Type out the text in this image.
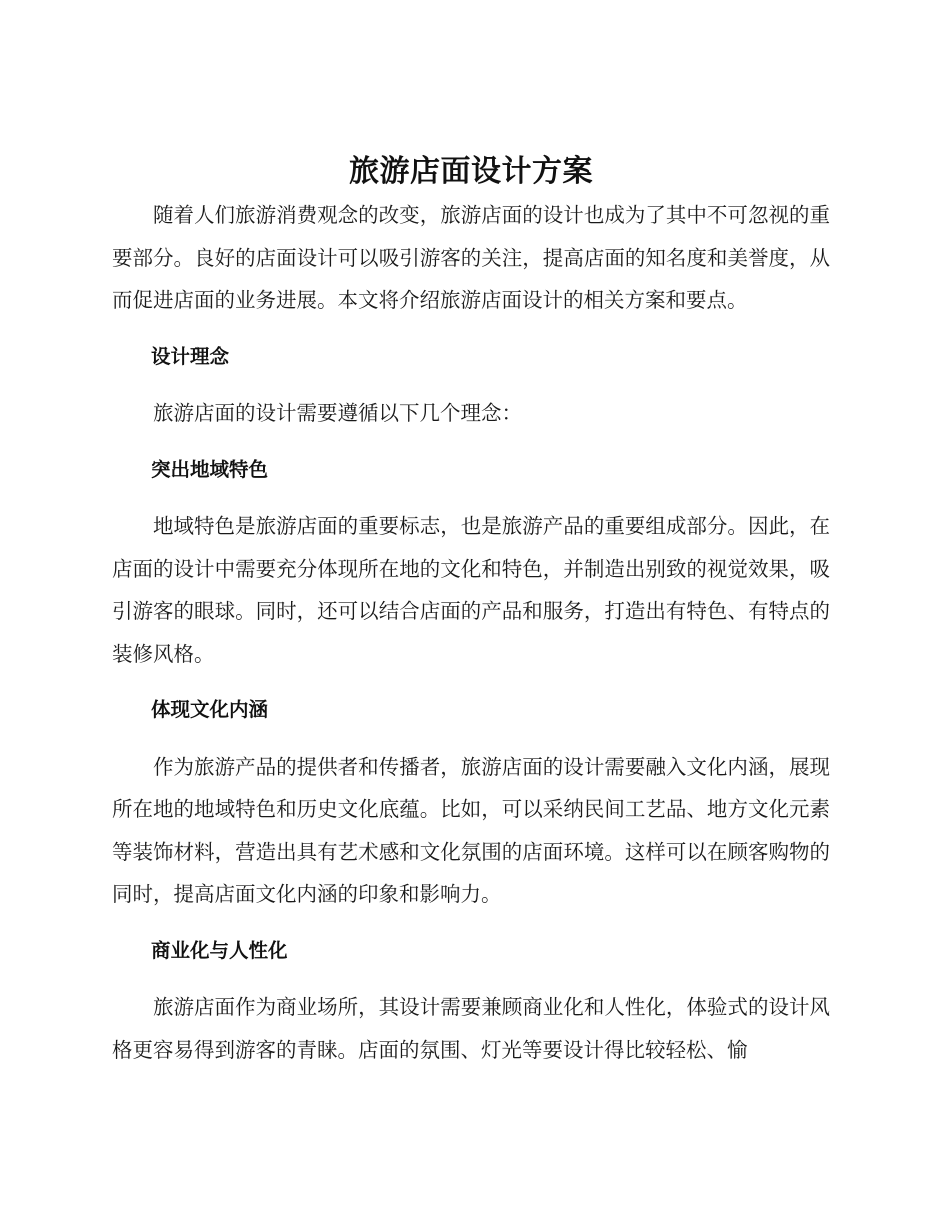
旅游店面设计方案

随着人们旅游消费观念的改变，旅游店面的设计也成为了其中不可忽视的重要部分。良好的店面设计可以吸引游客的关注，提高店面的知名度和美誉度，从而促进店面的业务进展。本文将介绍旅游店面设计的相关方案和要点。

设计理念

旅游店面的设计需要遵循以下几个理念：

突出地域特色

地域特色是旅游店面的重要标志，也是旅游产品的重要组成部分。因此，在店面的设计中需要充分体现所在地的文化和特色，并制造出别致的视觉效果，吸引游客的眼球。同时，还可以结合店面的产品和服务，打造出有特色、有特点的装修风格。

体现文化内涵

作为旅游产品的提供者和传播者，旅游店面的设计需要融入文化内涵，展现所在地的地域特色和历史文化底蕴。比如，可以采纳民间工艺品、地方文化元素等装饰材料，营造出具有艺术感和文化氛围的店面环境。这样可以在顾客购物的同时，提高店面文化内涵的印象和影响力。

商业化与人性化

旅游店面作为商业场所，其设计需要兼顾商业化和人性化，体验式的设计风格更容易得到游客的青睐。店面的氛围、灯光等要设计得比较轻松、愉
